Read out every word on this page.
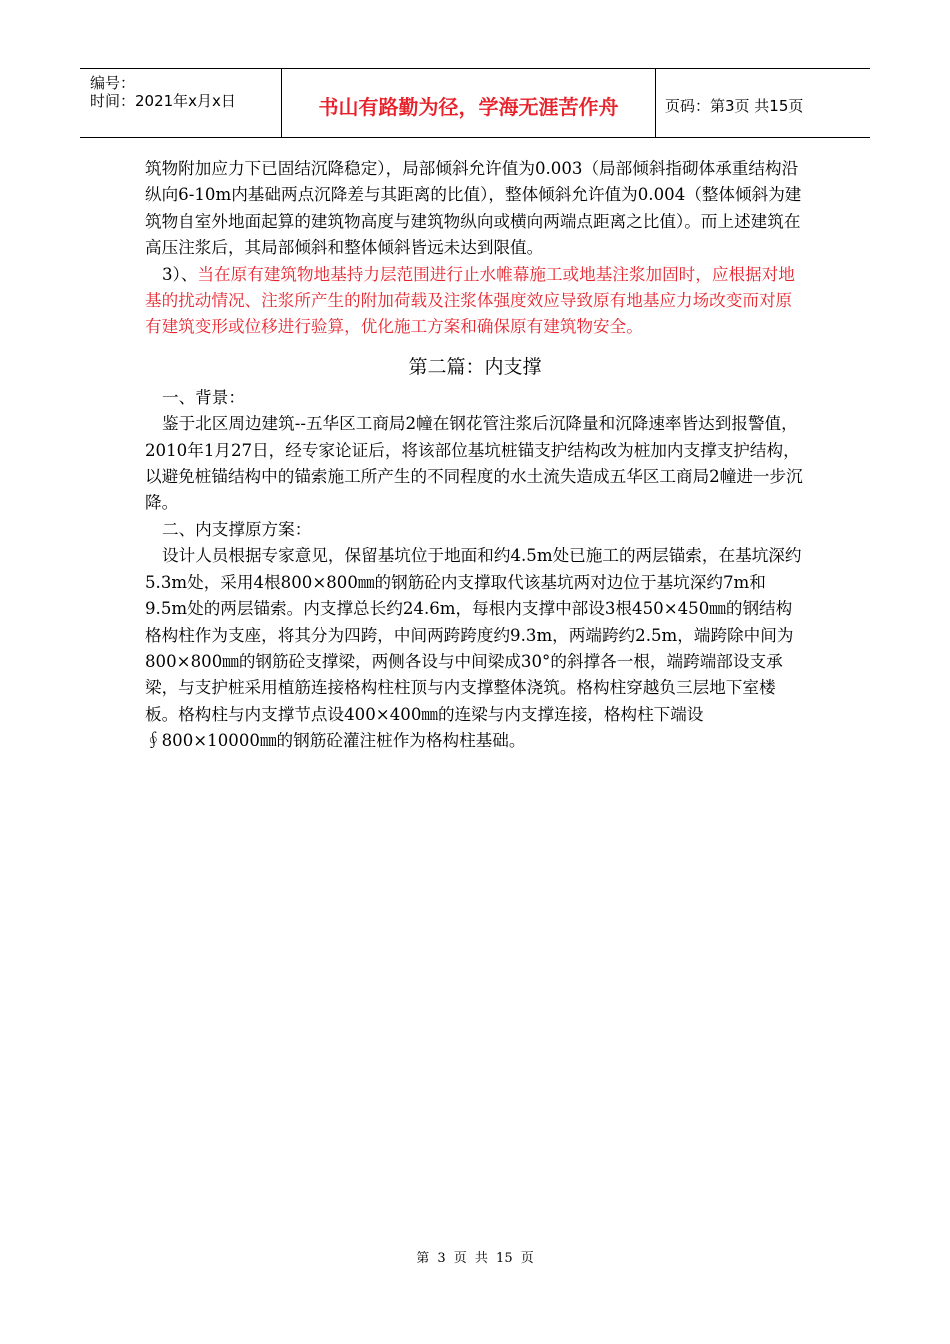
编号：
时间：2021年x月x日	书山有路勤为径，学海无涯苦作舟	页码：第3页 共15页

筑物附加应力下已固结沉降稳定），局部倾斜允许值为0.003（局部倾斜指砌体承重结构沿纵向6-10m内基础两点沉降差与其距离的比值），整体倾斜允许值为0.004（整体倾斜为建筑物自室外地面起算的建筑物高度与建筑物纵向或横向两端点距离之比值）。而上述建筑在高压注浆后，其局部倾斜和整体倾斜皆远未达到限值。

3）、当在原有建筑物地基持力层范围进行止水帷幕施工或地基注浆加固时，应根据对地基的扰动情况、注浆所产生的附加荷载及注浆体强度效应导致原有地基应力场改变而对原有建筑变形或位移进行验算，优化施工方案和确保原有建筑物安全。

第二篇：内支撑

一、背景：

鉴于北区周边建筑--五华区工商局2幢在钢花管注浆后沉降量和沉降速率皆达到报警值，2010年1月27日，经专家论证后，将该部位基坑桩锚支护结构改为桩加内支撑支护结构，以避免桩锚结构中的锚索施工所产生的不同程度的水土流失造成五华区工商局2幢进一步沉降。

二、内支撑原方案：

设计人员根据专家意见，保留基坑位于地面和约4.5m处已施工的两层锚索，在基坑深约5.3m处，采用4根800×800㎜的钢筋砼内支撑取代该基坑两对边位于基坑深约7m和9.5m处的两层锚索。内支撑总长约24.6m，每根内支撑中部设3根450×450㎜的钢结构格构柱作为支座，将其分为四跨，中间两跨跨度约9.3m，两端跨约2.5m，端跨除中间为800×800㎜的钢筋砼支撑梁，两侧各设与中间梁成30°的斜撑各一根，端跨端部设支承梁，与支护桩采用植筋连接格构柱柱顶与内支撑整体浇筑。格构柱穿越负三层地下室楼板。格构柱与内支撑节点设400×400㎜的连梁与内支撑连接，格构柱下端设∮800×10000㎜的钢筋砼灌注桩作为格构柱基础。

第 3 页 共 15 页
